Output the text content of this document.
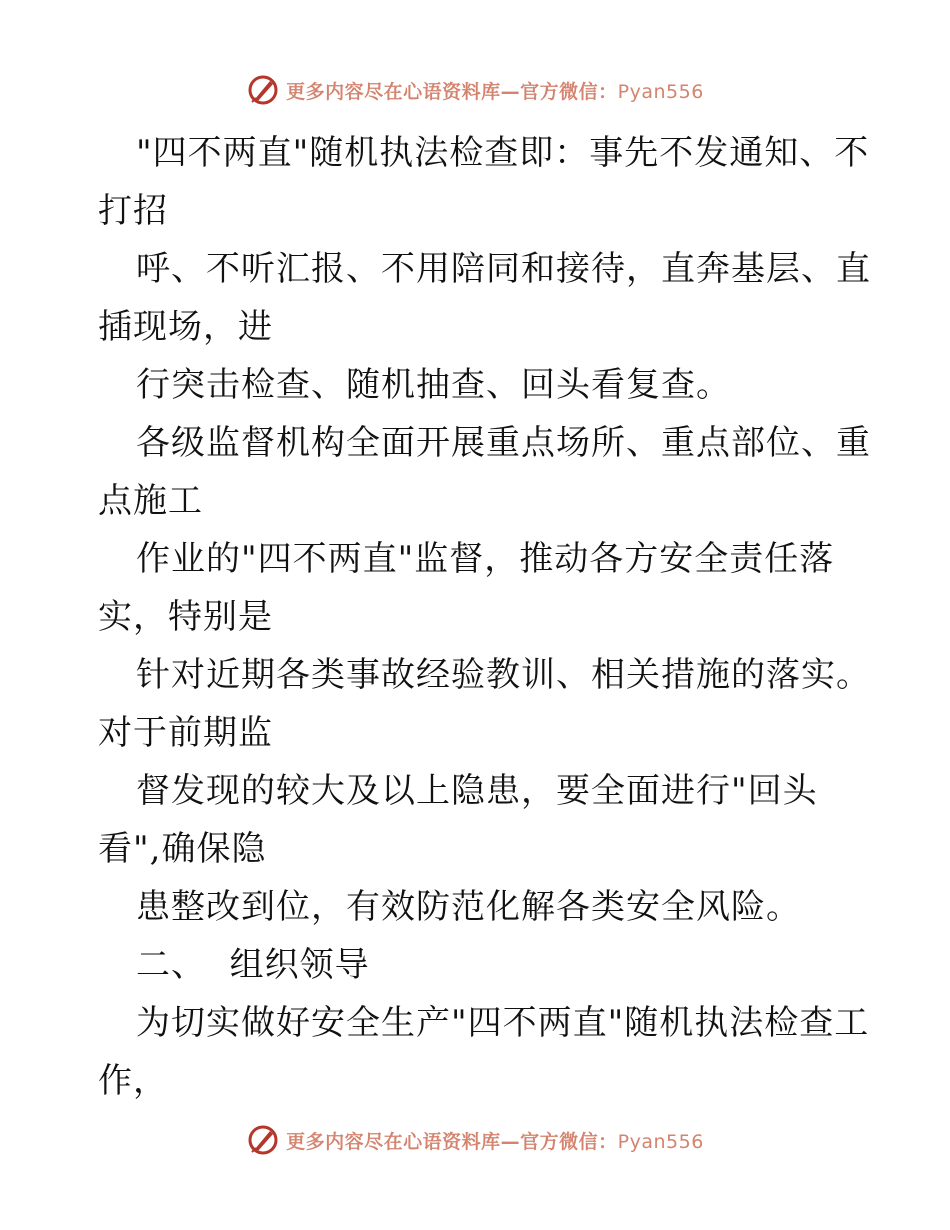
更多内容尽在心语资料库—官方微信：Pyan556
"四不两直"随机执法检查即：事先不发通知、不
打招
呼、不听汇报、不用陪同和接待，直奔基层、直
插现场，进
行突击检查、随机抽查、回头看复查。
各级监督机构全面开展重点场所、重点部位、重
点施工
作业的"四不两直"监督，推动各方安全责任落
实，特别是
针对近期各类事故经验教训、相关措施的落实。
对于前期监
督发现的较大及以上隐患，要全面进行"回头
看",确保隐
患整改到位，有效防范化解各类安全风险。
二、  组织领导
为切实做好安全生产"四不两直"随机执法检查工
作，
更多内容尽在心语资料库—官方微信：Pyan556
